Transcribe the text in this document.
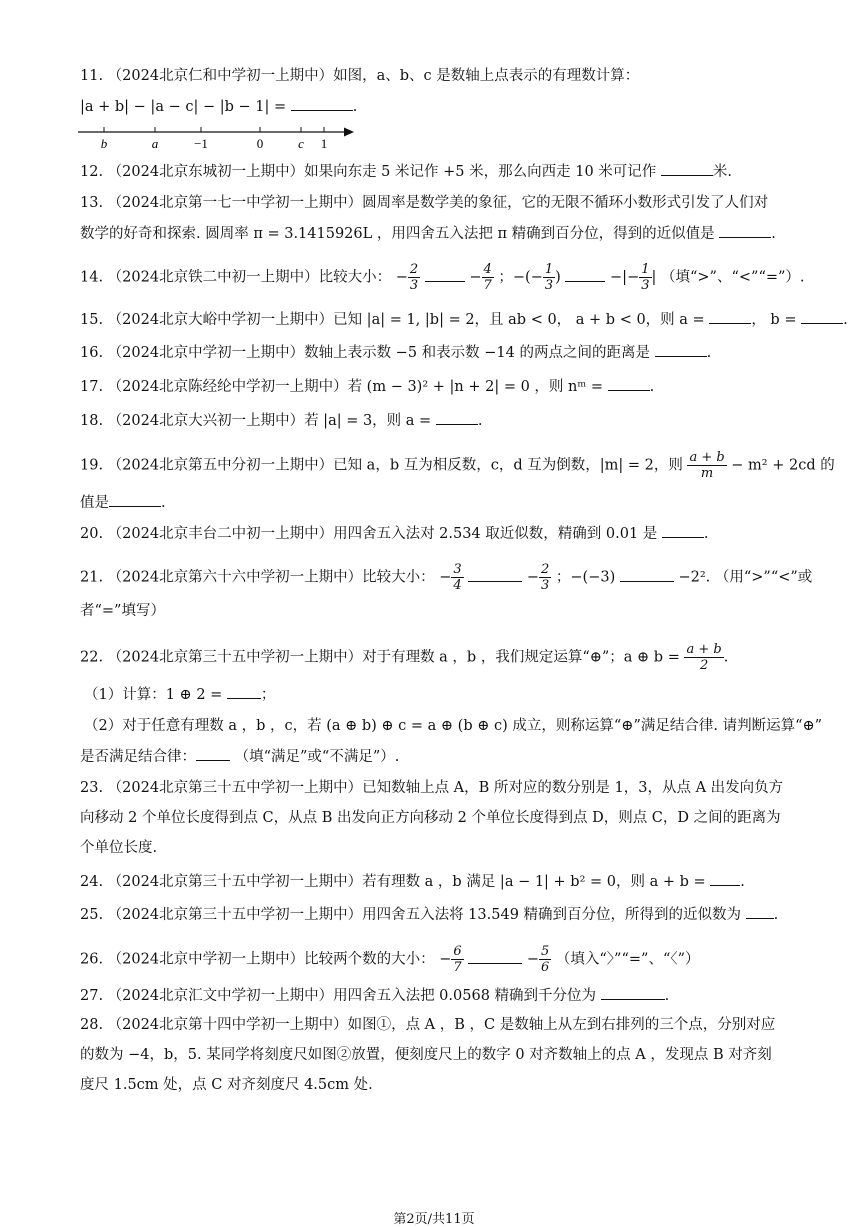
11. （2024北京仁和中学初一上期中）如图，a、b、c 是数轴上点表示的有理数计算：
|a + b| − |a − c| − |b − 1| =	.
b	a	−1	0	c 1
12. （2024北京东城初一上期中）如果向东走 5 米记作 +5 米，那么向西走 10 米可记作	米.
13. （2024北京第一七一中学初一上期中）圆周率是数学美的象征，它的无限不循环小数形式引发了人们对
数学的好奇和探索. 圆周率 π = 3.1415926L ，用四舍五入法把 π 精确到百分位，得到的近似值是	.
14. （2024北京铁二中初一上期中）比较大小： − $\frac{2}{3}$	− $\frac{4}{7}$ ；−(− $\frac{1}{3}$ )	−|− $\frac{1}{3}$ | （填“>”、“<”“=”）.
15. （2024北京大峪中学初一上期中）已知 |a| = 1, |b| = 2，且 ab < 0， a + b < 0，则 a =	， b =	.
16. （2024北京中学初一上期中）数轴上表示数 −5 和表示数 −14 的两点之间的距离是	.
17. （2024北京陈经纶中学初一上期中）若 (m − 3)² + |n + 2| = 0 ，则 nᵐ =	.
18. （2024北京大兴初一上期中）若 |a| = 3，则 a =	.
19. （2024北京第五中分初一上期中）已知 a，b 互为相反数，c，d 互为倒数，|m| = 2，则 $\frac{a + b}{m} - m^2 + 2cd$ 的
值是	.
20. （2024北京丰台二中初一上期中）用四舍五入法对 2.534 取近似数，精确到 0.01 是	.
21. （2024北京第六十六中学初一上期中）比较大小： − $\frac{3}{4}$	− $\frac{2}{3}$ ；−(−3)	−2². （用“>”“<”或
者“=”填写）
22. （2024北京第三十五中学初一上期中）对于有理数 a ，b ，我们规定运算“⊕”；a ⊕ $b = \frac{a + b}{2}$ .
（1）计算：1 ⊕ 2 =	；
（2）对于任意有理数 a ，b ，c，若 (a ⊕ b) ⊕ c = a ⊕ (b ⊕ c) 成立，则称运算“⊕”满足结合律. 请判断运算“⊕”
是否满足结合律：	（填“满足”或“不满足”）.
23. （2024北京第三十五中学初一上期中）已知数轴上点 A，B 所对应的数分别是 1，3，从点 A 出发向负方
向移动 2 个单位长度得到点 C，从点 B 出发向正方向移动 2 个单位长度得到点 D，则点 C，D 之间的距离为
个单位长度.
24. （2024北京第三十五中学初一上期中）若有理数 a ，b 满足 |a − 1| + b² = 0，则 a + b = .
25. （2024北京第三十五中学初一上期中）用四舍五入法将 13.549 精确到百分位，所得到的近似数为 .
26. （2024北京中学初一上期中）比较两个数的大小： − $\frac{6}{7}$	− $\frac{5}{6}$ （填入“〉”“=”、“〈”）
27. （2024北京汇文中学初一上期中）用四舍五入法把 0.0568 精确到千分位为	.
28. （2024北京第十四中学初一上期中）如图①，点 A ，B ，C 是数轴上从左到右排列的三个点，分别对应
的数为 −4，b，5. 某同学将刻度尺如图②放置，便刻度尺上的数字 0 对齐数轴上的点 A ，发现点 B 对齐刻
度尺 1.5cm 处，点 C 对齐刻度尺 4.5cm 处.
第2页/共11页
